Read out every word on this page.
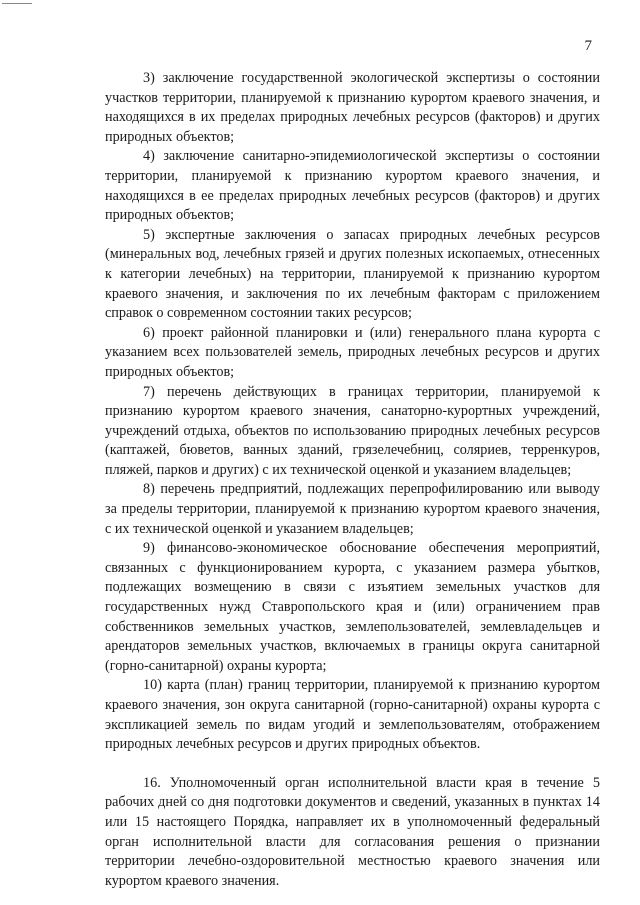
7

3) заключение государственной экологической экспертизы о состоянии участков территории, планируемой к признанию курортом краевого значения, и находящихся в их пределах природных лечебных ресурсов (факторов) и других природных объектов;

4) заключение санитарно-эпидемиологической экспертизы о состоянии территории, планируемой к признанию курортом краевого значения, и находящихся в ее пределах природных лечебных ресурсов (факторов) и других природных объектов;

5) экспертные заключения о запасах природных лечебных ресурсов (минеральных вод, лечебных грязей и других полезных ископаемых, отнесенных к категории лечебных) на территории, планируемой к признанию курортом краевого значения, и заключения по их лечебным факторам с приложением справок о современном состоянии таких ресурсов;

6) проект районной планировки и (или) генерального плана курорта с указанием всех пользователей земель, природных лечебных ресурсов и других природных объектов;

7) перечень действующих в границах территории, планируемой к признанию курортом краевого значения, санаторно-курортных учреждений, учреждений отдыха, объектов по использованию природных лечебных ресурсов (каптажей, бюветов, ванных зданий, грязелечебниц, соляриев, терренкуров, пляжей, парков и других) с их технической оценкой и указанием владельцев;

8) перечень предприятий, подлежащих перепрофилированию или выводу за пределы территории, планируемой к признанию курортом краевого значения, с их технической оценкой и указанием владельцев;

9) финансово-экономическое обоснование обеспечения мероприятий, связанных с функционированием курорта, с указанием размера убытков, подлежащих возмещению в связи с изъятием земельных участков для государственных нужд Ставропольского края и (или) ограничением прав собственников земельных участков, землепользователей, землевладельцев и арендаторов земельных участков, включаемых в границы округа санитарной (горно-санитарной) охраны курорта;

10) карта (план) границ территории, планируемой к признанию курортом краевого значения, зон округа санитарной (горно-санитарной) охраны курорта с экспликацией земель по видам угодий и землепользователям, отображением природных лечебных ресурсов и других природных объектов.

16. Уполномоченный орган исполнительной власти края в течение 5 рабочих дней со дня подготовки документов и сведений, указанных в пунктах 14 или 15 настоящего Порядка, направляет их в уполномоченный федеральный орган исполнительной власти для согласования решения о признании территории лечебно-оздоровительной местностью краевого значения или курортом краевого значения.
